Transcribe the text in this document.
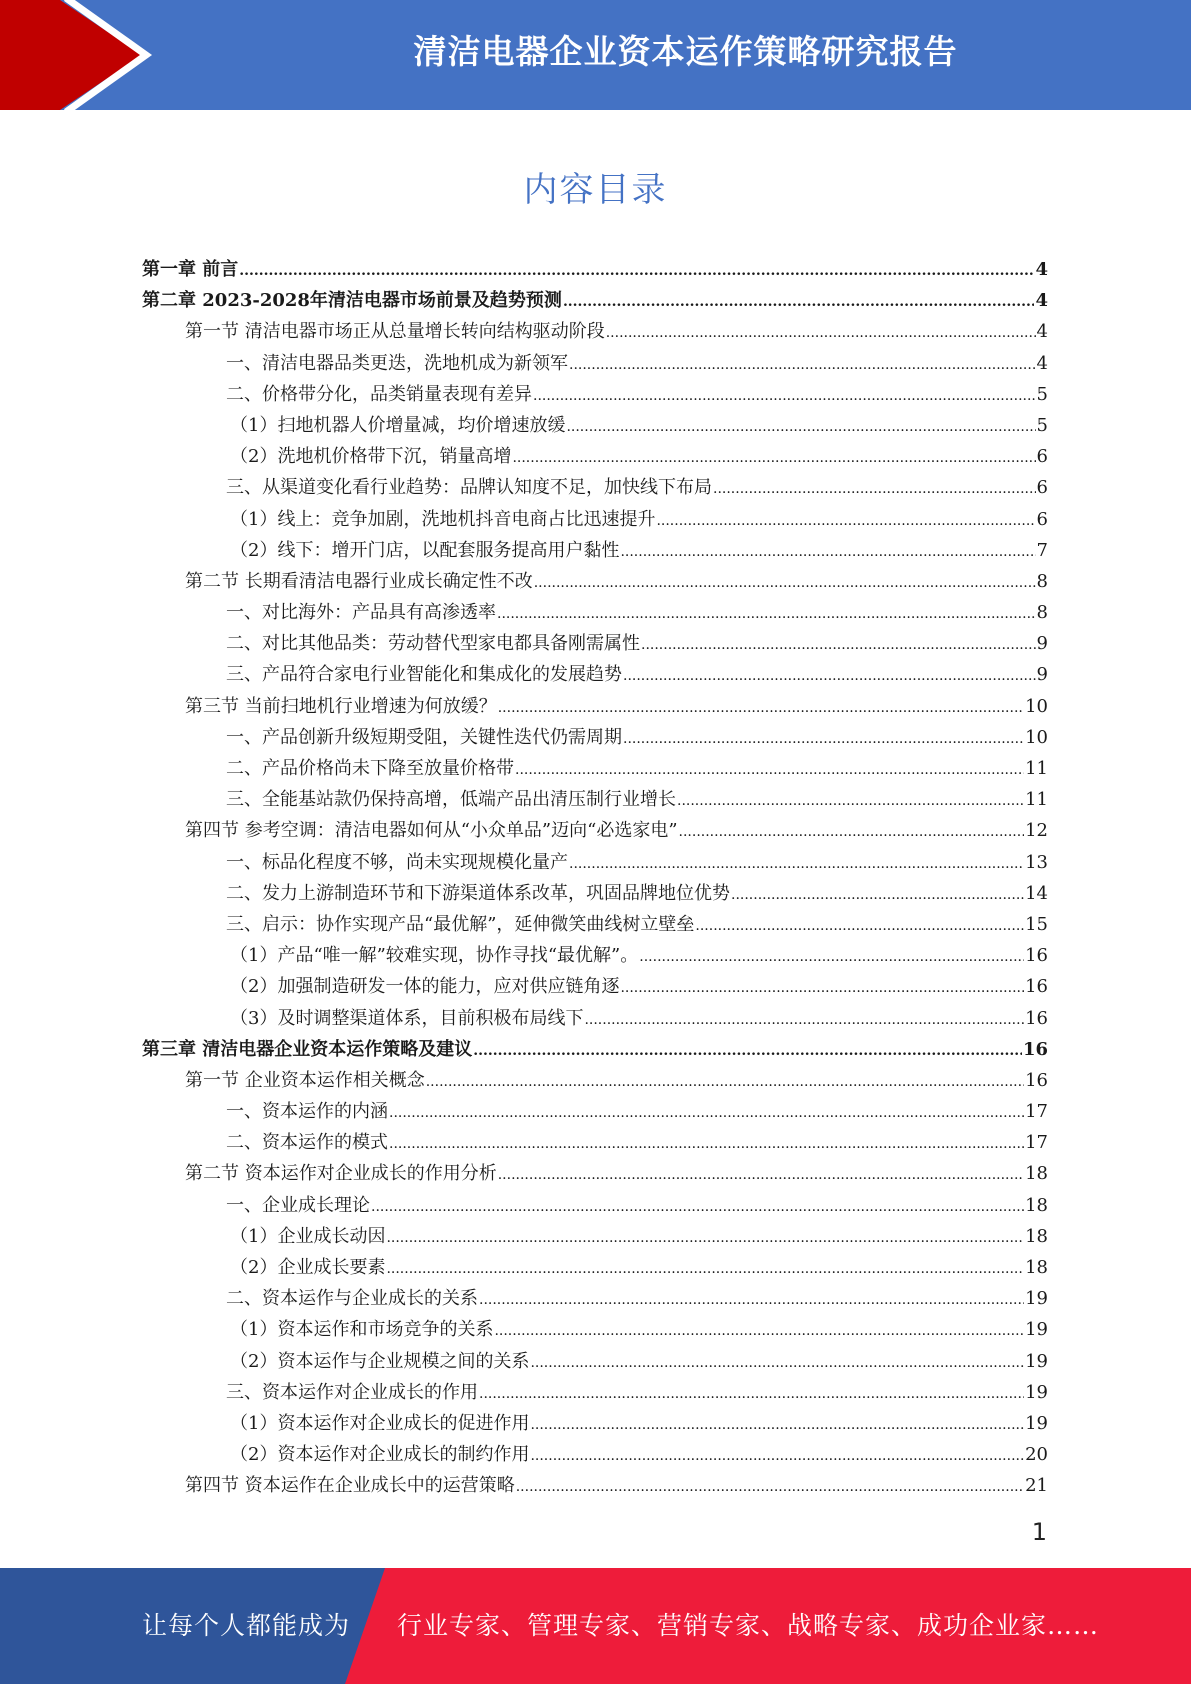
清洁电器企业资本运作策略研究报告
内容目录
第一章 前言 .....	4
第二章 2023-2028年清洁电器市场前景及趋势预测 .....	4
第一节 清洁电器市场正从总量增长转向结构驱动阶段 .....	4
一、清洁电器品类更迭，洗地机成为新领军 .....	4
二、价格带分化，品类销量表现有差异 .....	5
（1）扫地机器人价增量减，均价增速放缓 .....	5
（2）洗地机价格带下沉，销量高增 .....	6
三、从渠道变化看行业趋势：品牌认知度不足，加快线下布局 .....	6
（1）线上：竞争加剧，洗地机抖音电商占比迅速提升 .....	6
（2）线下：增开门店，以配套服务提高用户黏性 .....	7
第二节 长期看清洁电器行业成长确定性不改 .....	8
一、对比海外：产品具有高渗透率 .....	8
二、对比其他品类：劳动替代型家电都具备刚需属性 .....	9
三、产品符合家电行业智能化和集成化的发展趋势 .....	9
第三节 当前扫地机行业增速为何放缓？ .....	10
一、产品创新升级短期受阻，关键性迭代仍需周期 .....	10
二、产品价格尚未下降至放量价格带 .....	11
三、全能基站款仍保持高增，低端产品出清压制行业增长 .....	11
第四节 参考空调：清洁电器如何从“小众单品”迈向“必选家电” .....	12
一、标品化程度不够，尚未实现规模化量产 .....	13
二、发力上游制造环节和下游渠道体系改革，巩固品牌地位优势 .....	14
三、启示：协作实现产品“最优解”，延伸微笑曲线树立壁垒 .....	15
（1）产品“唯一解”较难实现，协作寻找“最优解”。 .....	16
（2）加强制造研发一体的能力，应对供应链角逐 .....	16
（3）及时调整渠道体系，目前积极布局线下 .....	16
第三章 清洁电器企业资本运作策略及建议 .....	16
第一节 企业资本运作相关概念 .....	16
一、资本运作的内涵 .....	17
二、资本运作的模式 .....	17
第二节 资本运作对企业成长的作用分析 .....	18
一、企业成长理论 .....	18
（1）企业成长动因 .....	18
（2）企业成长要素 .....	18
二、资本运作与企业成长的关系 .....	19
（1）资本运作和市场竞争的关系 .....	19
（2）资本运作与企业规模之间的关系 .....	19
三、资本运作对企业成长的作用 .....	19
（1）资本运作对企业成长的促进作用 .....	19
（2）资本运作对企业成长的制约作用 .....	20
第四节 资本运作在企业成长中的运营策略 .....	21
1
让每个人都能成为 行业专家、管理专家、营销专家、战略专家、成功企业家……
